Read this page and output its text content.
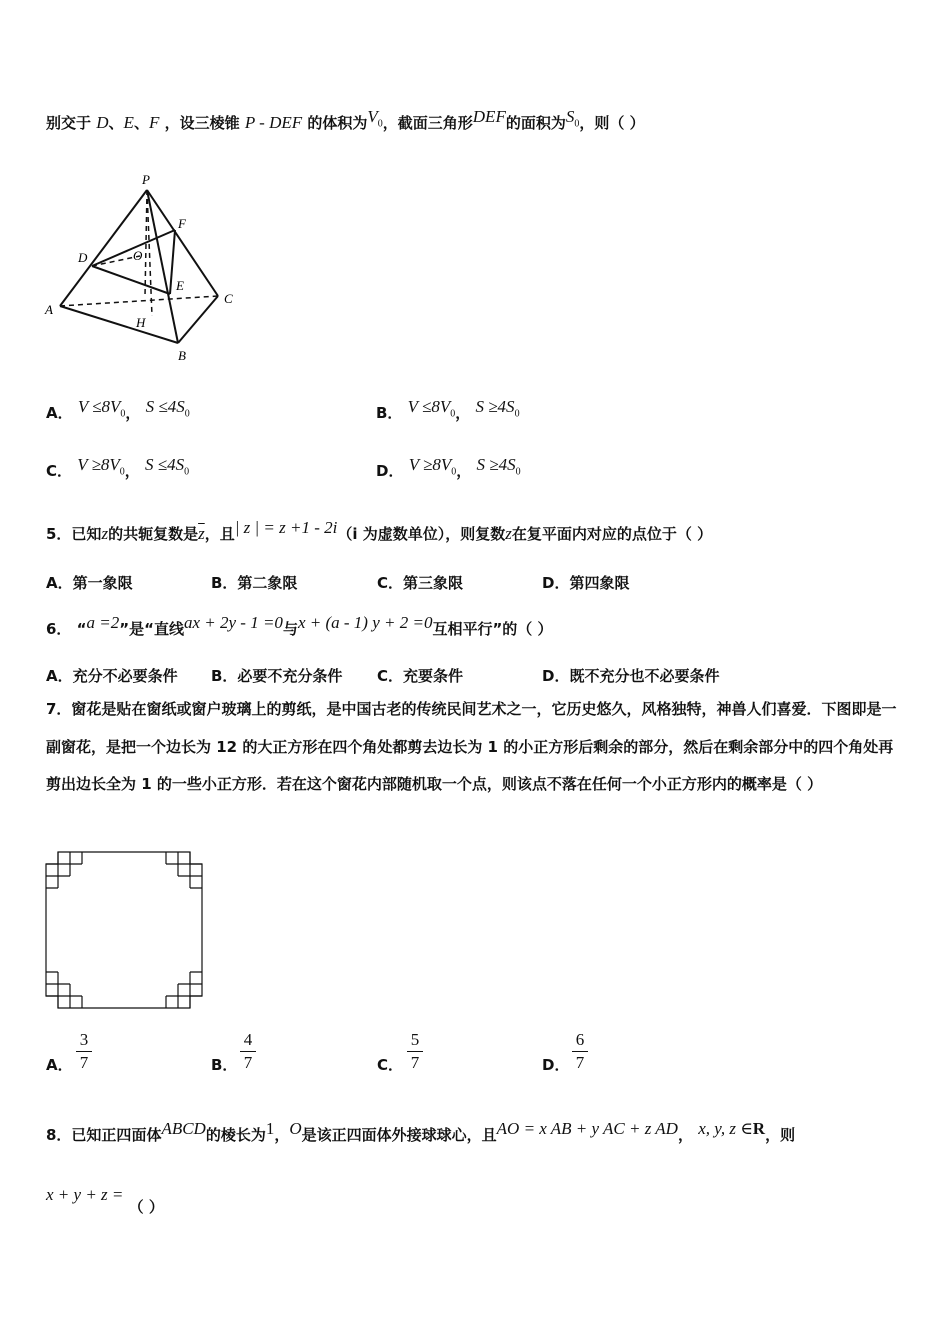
别交于 D、E、F ，设三棱锥 P - DEF 的体积为$V_0$，截面三角形DEF的面积为$S_0$，则（ ）
P
F
D	O
E
C
A
H
B
A． $V \le 8V_0$， $S \le 4S_0$	B． $V \le 8V_0$， $S \ge 4S_0$
C． $V \ge 8V_0$， $S \le 4S_0$	D． $V \ge 8V_0$， $S \ge 4S_0$
5．已知z的共轭复数是$\overline{z}$，且| z | = z +1 - 2i（i 为虚数单位），则复数z在复平面内对应的点位于（ ）
A．第一象限	B．第二象限	C．第三象限	D．第四象限
6． “a =2”是“直线ax + 2y - 1 =0与x + (a - 1) y + 2 =0互相平行”的（ ）
A．充分不必要条件 B．必要不充分条件 C．充要条件	D．既不充分也不必要条件
7．窗花是贴在窗纸或窗户玻璃上的剪纸，是中国古老的传统民间艺术之一，它历史悠久，风格独特，神兽人们喜爱．下图即是一副窗花，是把一个边长为 12 的大正方形在四个角处都剪去边长为 1 的小正方形后剩余的部分，然后在剩余部分中的四个角处再剪出边长全为 1 的一些小正方形．若在这个窗花内部随机取一个点，则该点不落在任何一个小正方形内的概率是（ ）
A．
3
7	B．
4
7	C．
5
7	D．
6
7
8．已知正四面体ABCD的棱长为1，O是该正四面体外接球球心，且AO = x AB + y AC + z AD， x, y, z ∈R，则
x + y + z = （ ）
